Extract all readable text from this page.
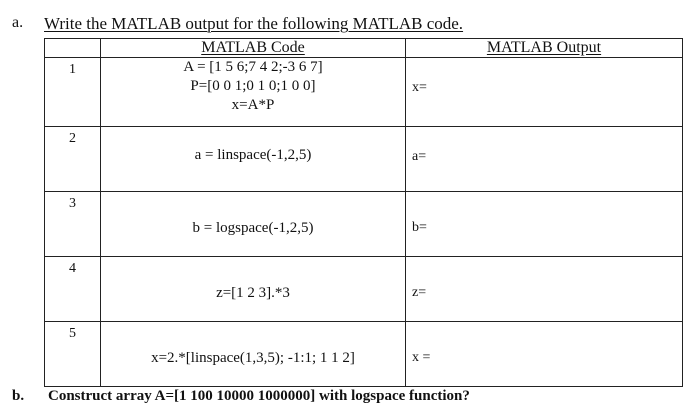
a. Write the MATLAB output for the following MATLAB code.
	MATLAB Code	MATLAB Output
1	A = [1 5 6;7 4 2;-3 6 7]
P=[0 0 1;0 1 0;1 0 0]
x=A*P	x=

2	a = linspace(-1,2,5)	a=

3	b = logspace(-1,2,5)	b=

4	z=[1 2 3].*3	z=

5	x=2.*[linspace(1,3,5); -1:1; 1 1 2]	x =
b. Construct array A=[1 100 10000 1000000] with logspace function?
